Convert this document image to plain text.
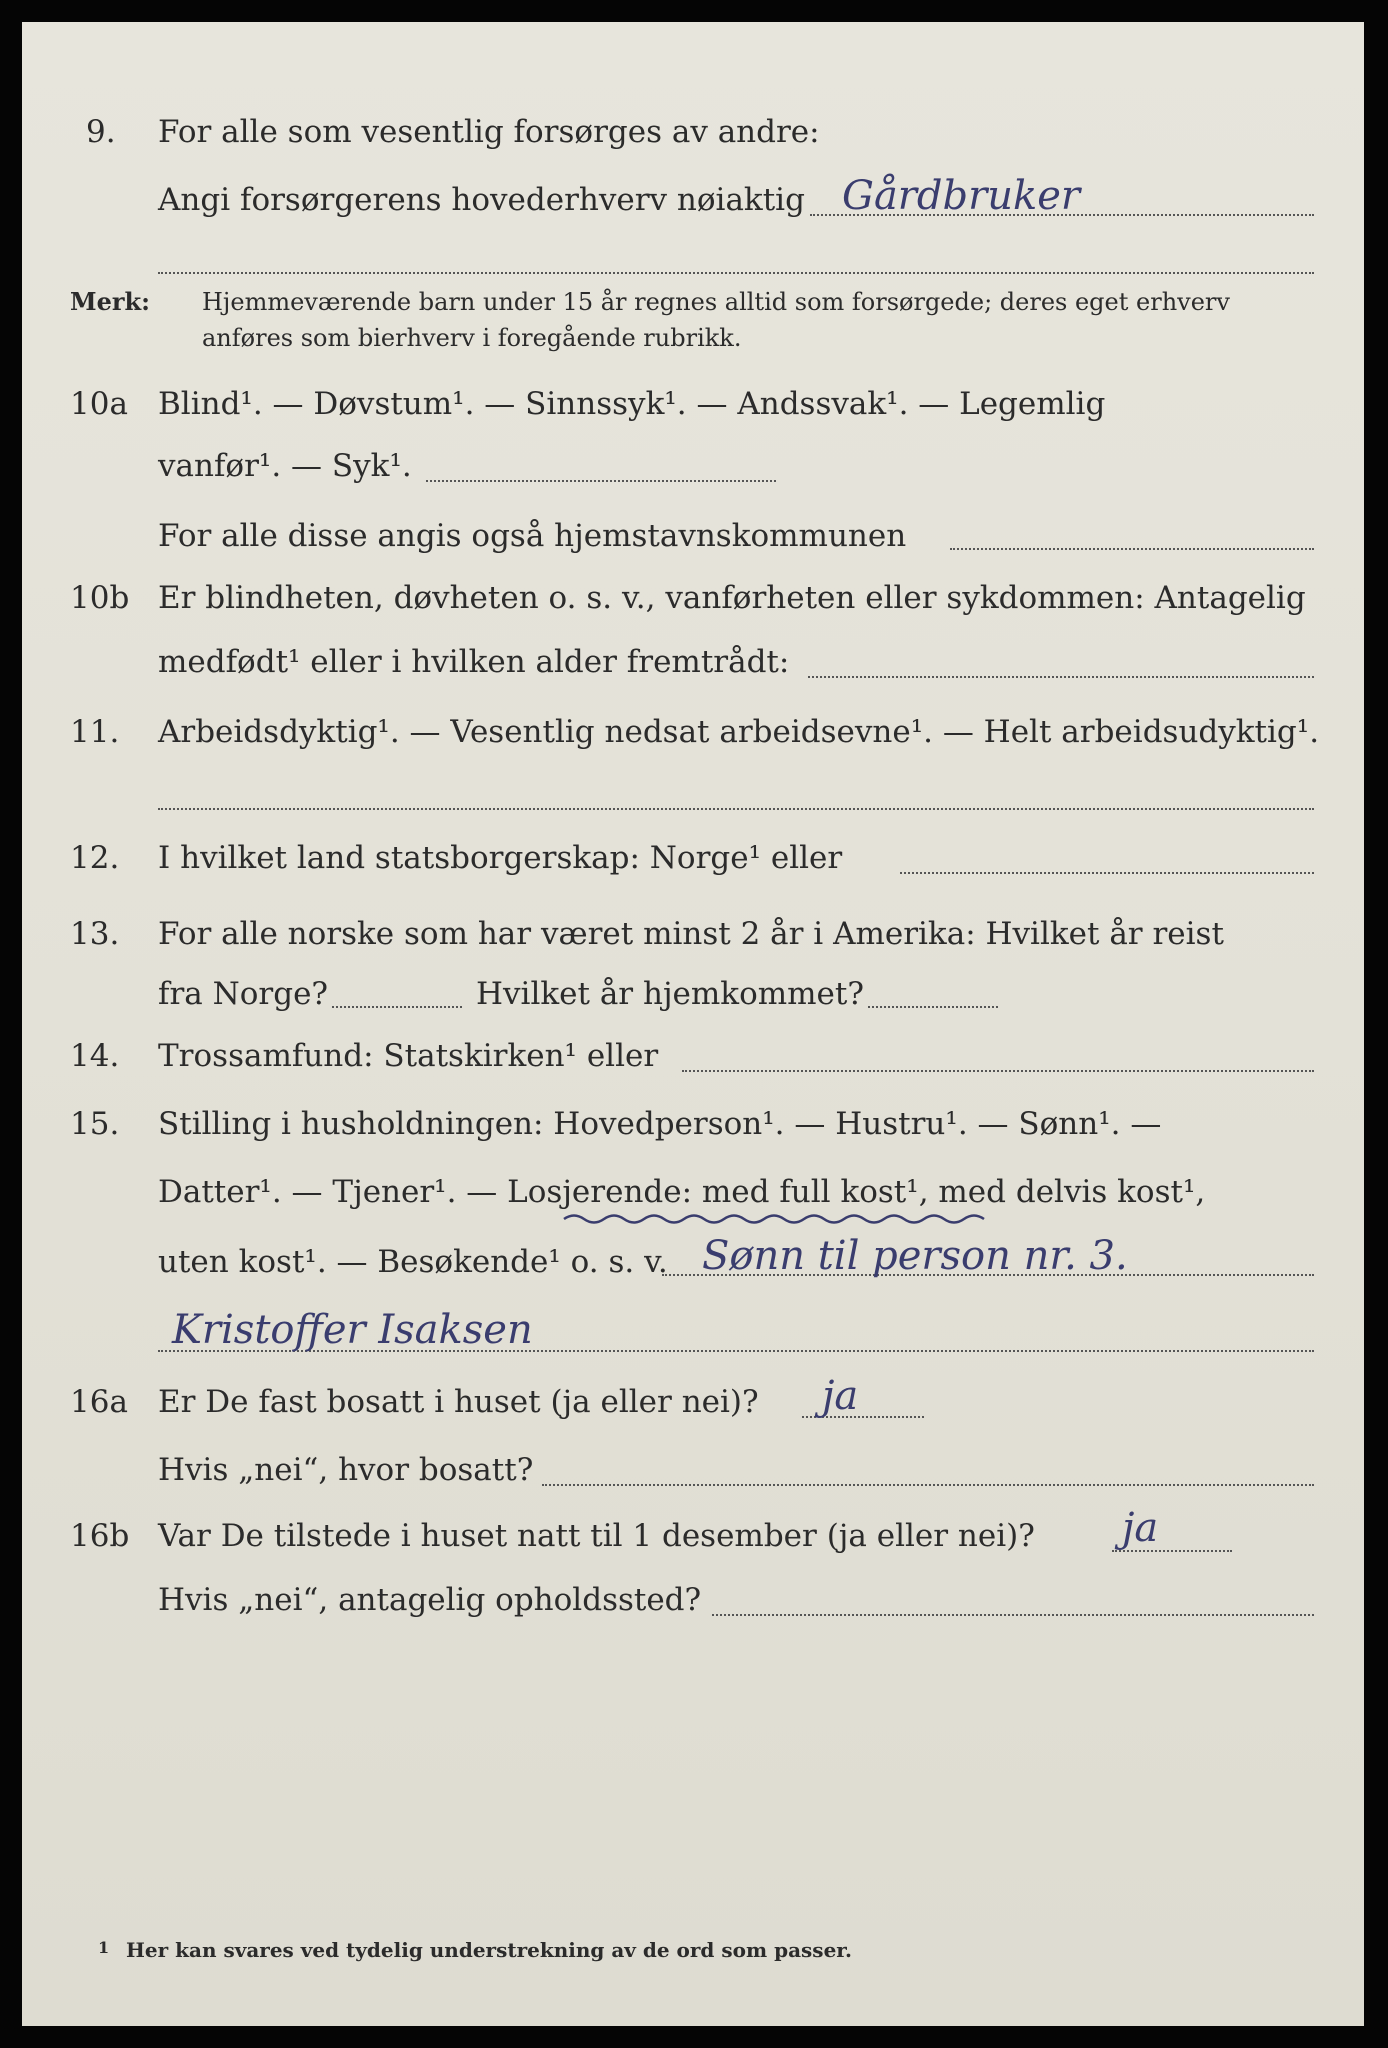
9. For alle som vesentlig forsørges av andre:
Angi forsørgerens hovederhverv nøiaktig Gårdbruker
Merk: Hjemmeværende barn under 15 år regnes alltid som forsørgede; deres eget erhverv
anføres som bierhverv i foregående rubrikk.
10a Blind¹. — Døvstum¹. — Sinnssyk¹. — Andssvak¹. — Legemlig
vanfør¹. — Syk¹.
For alle disse angis også hjemstavnskommunen
10b Er blindheten, døvheten o. s. v., vanførheten eller sykdommen: Antagelig
medfødt¹ eller i hvilken alder fremtrådt:
11. Arbeidsdyktig¹. — Vesentlig nedsat arbeidsevne¹. — Helt arbeidsudyktig¹.
12. I hvilket land statsborgerskap: Norge¹ eller
13. For alle norske som har været minst 2 år i Amerika: Hvilket år reist
fra Norge?	Hvilket år hjemkommet?
14. Trossamfund: Statskirken¹ eller
15. Stilling i husholdningen: Hovedperson¹. — Hustru¹. — Sønn¹. —
Datter¹. — Tjener¹. — Losjerende: med full kost¹, med delvis kost¹,
uten kost¹. — Besøkende¹ o. s. v. Sønn til person nr. 3.
Kristoffer Isaksen
16a Er De fast bosatt i huset (ja eller nei)? ja
Hvis „nei“, hvor bosatt?
16b Var De tilstede i huset natt til 1 desember (ja eller nei)? ja
Hvis „nei“, antagelig opholdssted?
1 Her kan svares ved tydelig understrekning av de ord som passer.
